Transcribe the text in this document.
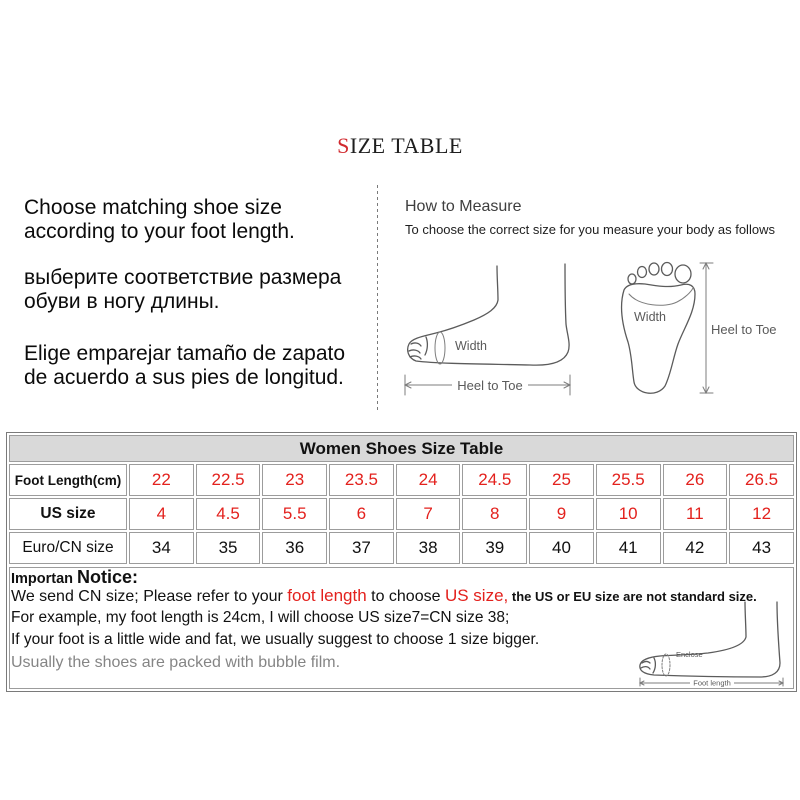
SIZE TABLE
Choose matching shoe size
according to your foot length.
выберите соответствие размера
обуви в ногу длины.
Elige emparejar tamaño de zapato
de acuerdo a sus pies de longitud.
How to Measure
To choose the correct size for you measure your body as follows
Width
Heel to Toe
Width
Heel to Toe
Women Shoes Size Table										
Foot Length(cm)	22	22.5	23	23.5	24	24.5	25	25.5	26	26.5
US size	4	4.5	5.5	6	7	8	9	10	11	12
Euro/CN size	34	35	36	37	38	39	40	41	42	43
Importan Notice:
We send CN size; Please refer to your foot length to choose US size, the US or EU size are not standard size.
For example, my foot length is 24cm, I will choose US size7=CN size 38;
If your foot is a little wide and fat, we usually suggest to choose 1 size bigger.
Usually the shoes are packed with bubble film.	Enclose
Foot length
